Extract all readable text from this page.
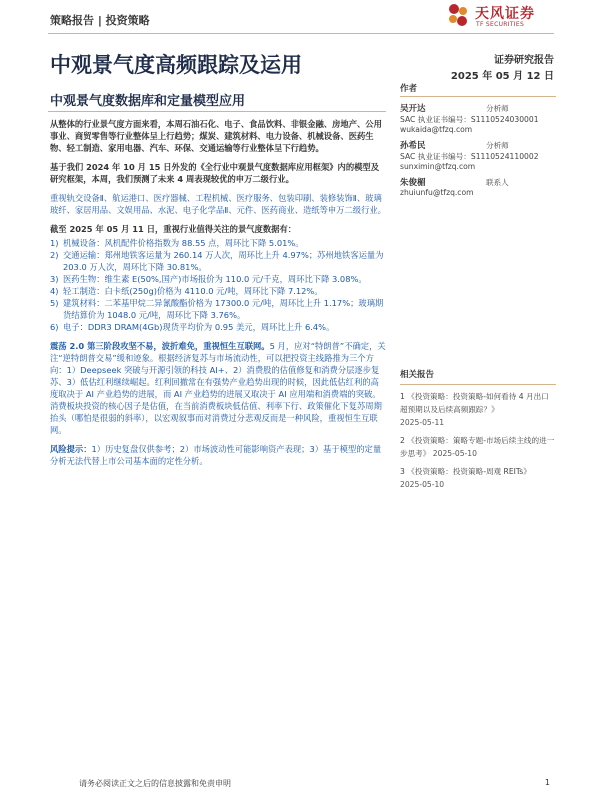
策略报告 | 投资策略	天风证券
TF SECURITIES
中观景气度高频跟踪及运用	证券研究报告
2025 年 05 月 12 日
中观景气度数据库和定量模型应用

从整体的行业景气度方面来看，本周石油石化、电子、食品饮料、非银金融、房地产、公用事业、商贸零售等行业整体呈上行趋势；煤炭、建筑材料、电力设备、机械设备、医药生物、轻工制造、家用电器、汽车、环保、交通运输等行业整体呈下行趋势。

基于我们 2024 年 10 月 15 日外发的《全行业中观景气度数据库应用框架》内的模型及研究框架，本周，我们预测了未来 4 周表现较优的申万二级行业。

重视轨交设备Ⅱ、航运港口、医疗器械、工程机械、医疗服务、包装印刷、装修装饰Ⅱ、玻璃玻纤、家居用品、文娱用品、水泥、电子化学品Ⅱ、元件、医药商业、造纸等申万二级行业。

截至 2025 年 05 月 11 日，重视行业值得关注的景气度数据有：

1) 机械设备：风机配件价格指数为 88.55 点，周环比下降 5.01%。
2) 交通运输：郑州地铁客运量为 260.14 万人次，周环比上升 4.97%；苏州地铁客运量为 203.0 万人次，周环比下降 30.81%。
3) 医药生物：维生素 E(50%,国产)市场报价为 110.0 元/千克，周环比下降 3.08%。
4) 轻工制造：白卡纸(250g)价格为 4110.0 元/吨，周环比下降 7.12%。
5) 建筑材料：二苯基甲烷二异氰酸酯价格为 17300.0 元/吨，周环比上升 1.17%；玻璃期货结算价为 1048.0 元/吨，周环比下降 3.76%。
6) 电子：DDR3 DRAM(4Gb)现货平均价为 0.95 美元，周环比上升 6.4%。

震荡 2.0 第三阶段攻坚不易，波折难免，重视恒生互联网。5 月，应对“特朗普”不确定，关注“逆特朗普交易”缓和迹象。根据经济复苏与市场流动性，可以把投资主线路推为三个方向：1）Deepseek 突破与开源引领的科技 AI+、2）消费股的估值修复和消费分层逐步复苏、3）低估红利继续崛起。红利回撤常在有强势产业趋势出现的时候，因此低估红利的高度取决于 AI 产业趋势的进展，而 AI 产业趋势的进展又取决于 AI 应用端和消费端的突破。消费板块投资的核心因子是估值，在当前消费板块低估值、利率下行、政策催化下复苏周期抬头（哪怕是很弱的斜率），以宏观叙事而对消费过分悲观反而是一种风险，重视恒生互联网。

风险提示：1）历史复盘仅供参考；2）市场波动性可能影响资产表现；3）基于模型的定量分析无法代替上市公司基本面的定性分析。

作者
吴开达	分析师
SAC 执业证书编号：S1110524030001
wukaida@tfzq.com
孙希民	分析师
SAC 执业证书编号：S1110524110002
sunximin@tfzq.com
朱俊楣	联系人
zhuiunfu@tfzq.com
相关报告
1 《投资策略：投资策略-如何看待 4 月出口超预期以及后续高频跟踪？》
2025-05-11
2 《投资策略：策略专题-市场后续主线的进一步思考》 2025-05-10
3 《投资策略：投资策略-周观 REITs》
2025-05-10
请务必阅读正文之后的信息披露和免责申明	1
